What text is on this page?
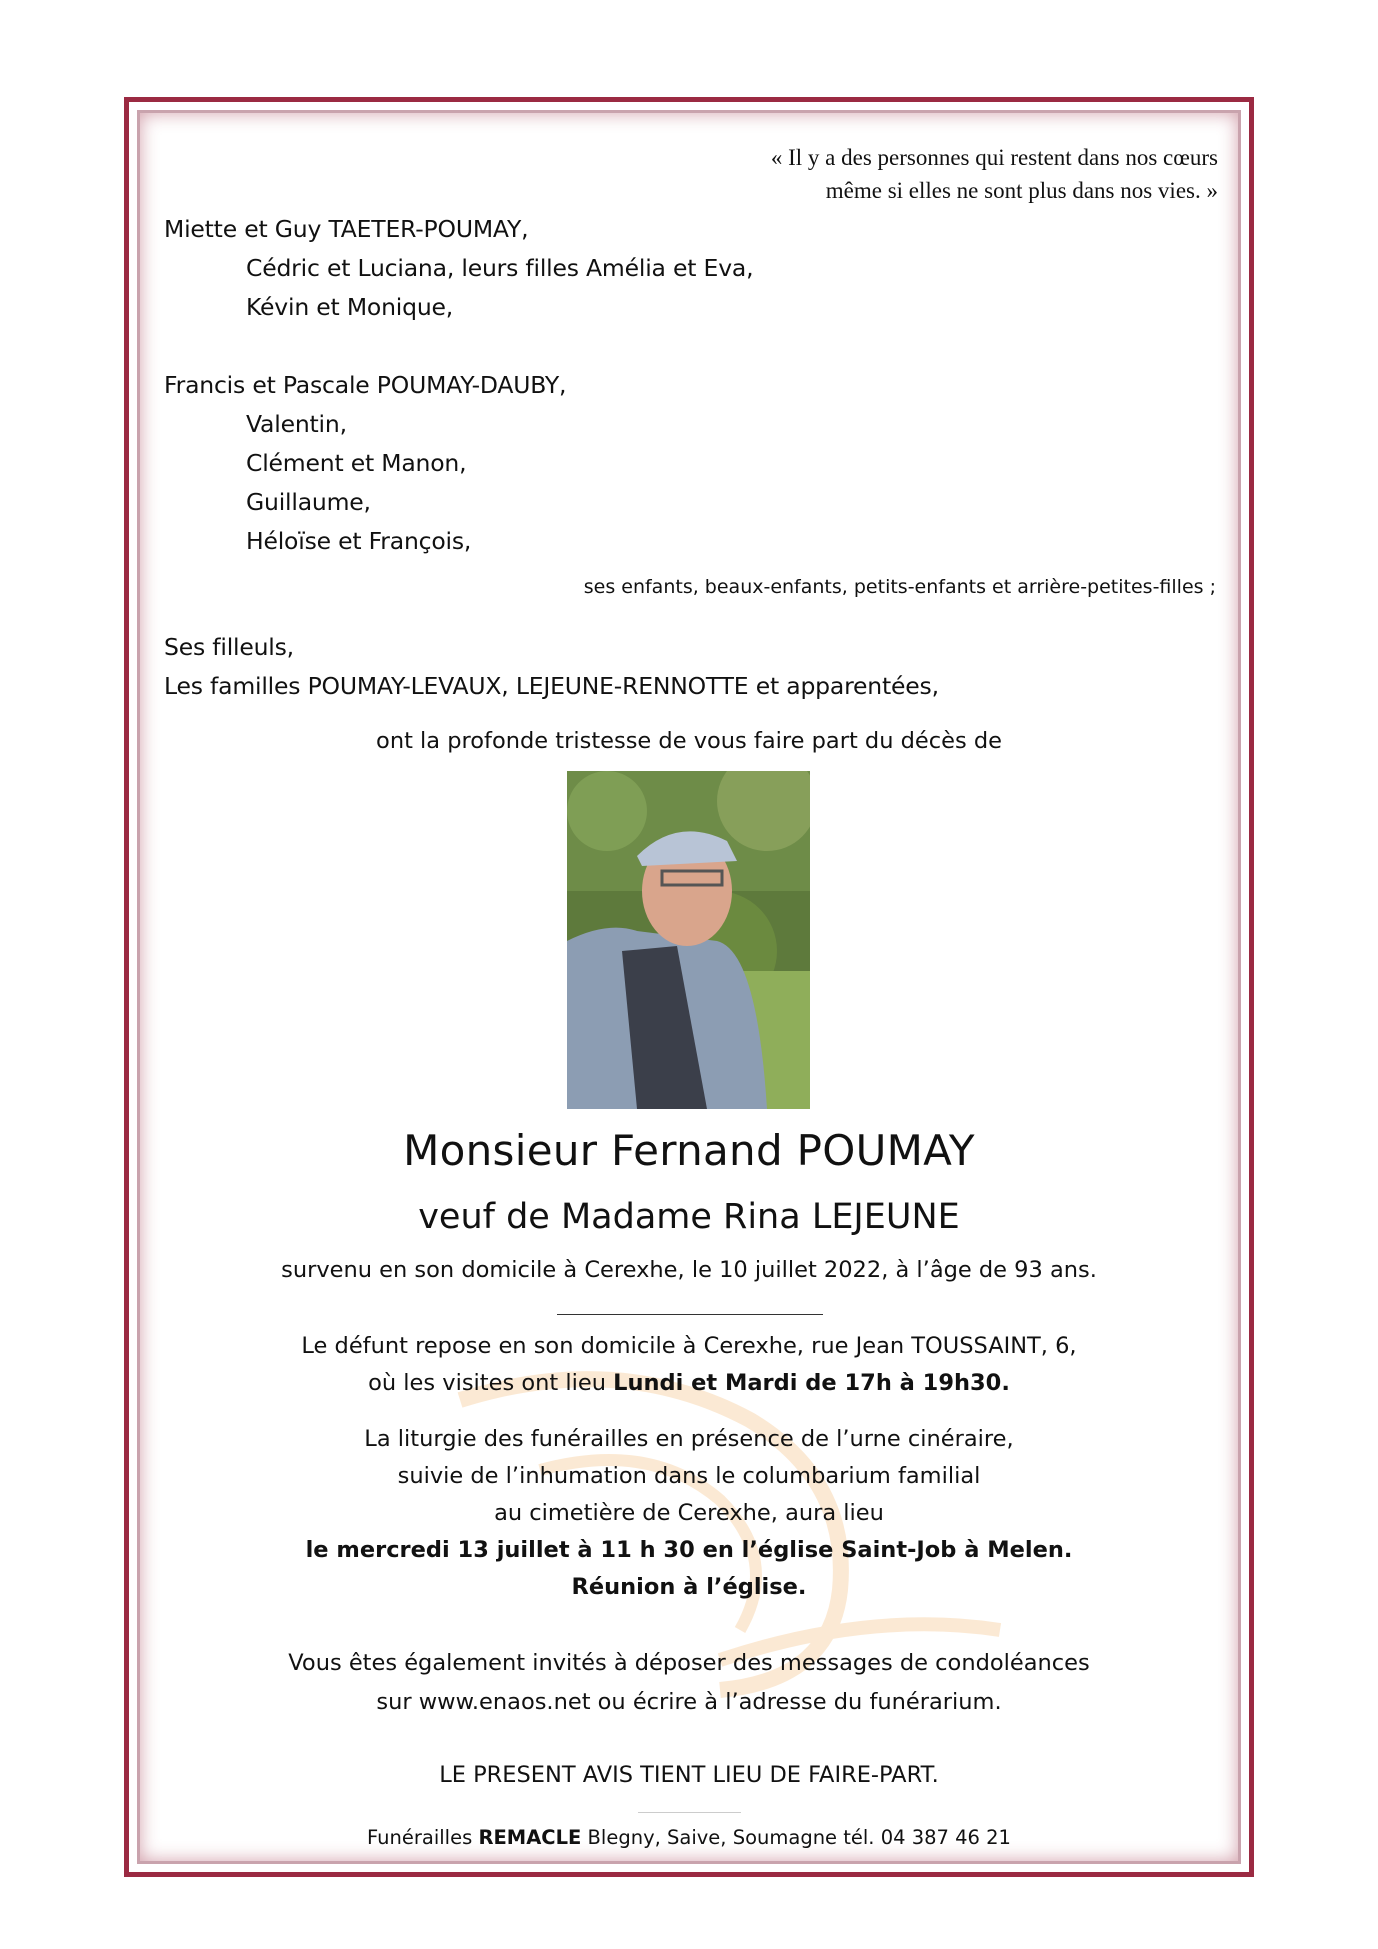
« Il y a des personnes qui restent dans nos cœurs
même si elles ne sont plus dans nos vies. »
Miette et Guy TAETER-POUMAY,
Cédric et Luciana, leurs filles Amélia et Eva,
Kévin et Monique,
Francis et Pascale POUMAY-DAUBY,
Valentin,
Clément et Manon,
Guillaume,
Héloïse et François,
ses enfants, beaux-enfants, petits-enfants et arrière-petites-filles ;
Ses filleuls,
Les familles POUMAY-LEVAUX, LEJEUNE-RENNOTTE et apparentées,
ont la profonde tristesse de vous faire part du décès de
Monsieur Fernand POUMAY
veuf de Madame Rina LEJEUNE
survenu en son domicile à Cerexhe, le 10 juillet 2022, à l’âge de 93 ans.
Le défunt repose en son domicile à Cerexhe, rue Jean TOUSSAINT, 6,
où les visites ont lieu Lundi et Mardi de 17h à 19h30.
La liturgie des funérailles en présence de l’urne cinéraire,
suivie de l’inhumation dans le columbarium familial
au cimetière de Cerexhe, aura lieu
le mercredi 13 juillet à 11 h 30 en l’église Saint-Job à Melen.
Réunion à l’église.
Vous êtes également invités à déposer des messages de condoléances
sur www.enaos.net ou écrire à l’adresse du funérarium.
LE PRESENT AVIS TIENT LIEU DE FAIRE-PART.
Funérailles REMACLE Blegny, Saive, Soumagne tél. 04 387 46 21
